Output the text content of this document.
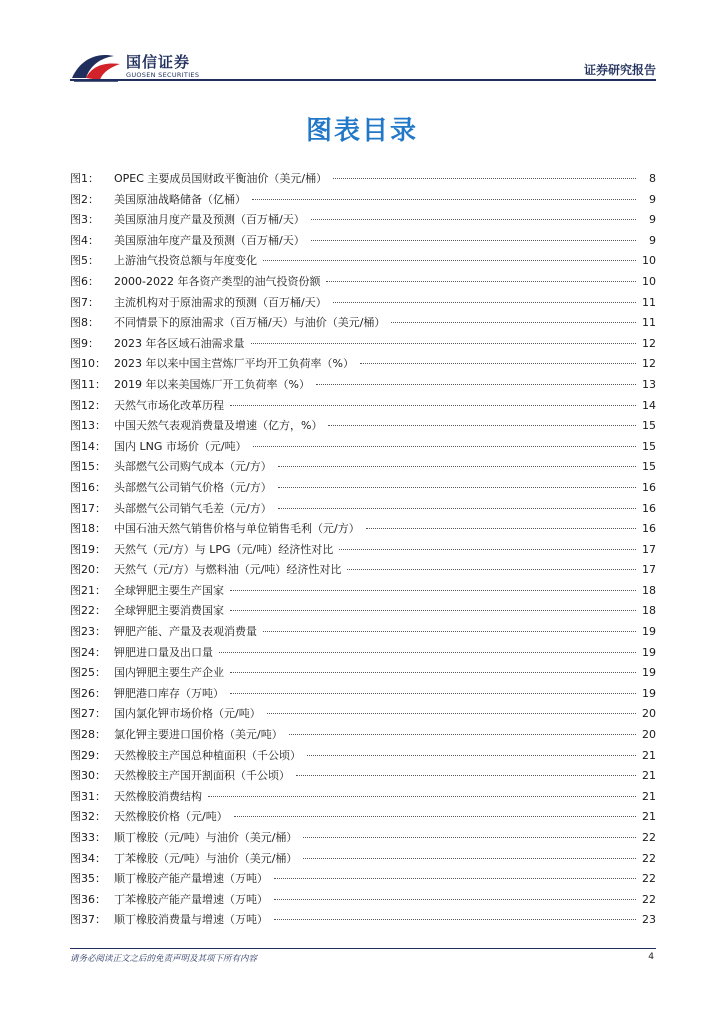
国信证券
GUOSEN SECURITIES	证券研究报告
图表目录
图1：	OPEC 主要成员国财政平衡油价（美元/桶）	8
图2：	美国原油战略储备（亿桶）	9
图3：	美国原油月度产量及预测（百万桶/天）	9
图4：	美国原油年度产量及预测（百万桶/天）	9
图5：	上游油气投资总额与年度变化	10
图6：	2000-2022 年各资产类型的油气投资份额	10
图7：	主流机构对于原油需求的预测（百万桶/天）	11
图8：	不同情景下的原油需求（百万桶/天）与油价（美元/桶）	11
图9：	2023 年各区域石油需求量	12
图10： 2023 年以来中国主营炼厂平均开工负荷率（%）	12
图11： 2019 年以来美国炼厂开工负荷率（%）	13
图12： 天然气市场化改革历程	14
图13： 中国天然气表观消费量及增速（亿方，%）	15
图14： 国内 LNG 市场价（元/吨）	15
图15： 头部燃气公司购气成本（元/方）	15
图16： 头部燃气公司销气价格（元/方）	16
图17： 头部燃气公司销气毛差（元/方）	16
图18： 中国石油天然气销售价格与单位销售毛利（元/方）	16
图19： 天然气（元/方）与 LPG（元/吨）经济性对比	17
图20： 天然气（元/方）与燃料油（元/吨）经济性对比	17
图21： 全球钾肥主要生产国家	18
图22： 全球钾肥主要消费国家	18
图23： 钾肥产能、产量及表观消费量	19
图24： 钾肥进口量及出口量	19
图25： 国内钾肥主要生产企业	19
图26： 钾肥港口库存（万吨）	19
图27： 国内氯化钾市场价格（元/吨）	20
图28： 氯化钾主要进口国价格（美元/吨）	20
图29： 天然橡胶主产国总种植面积（千公顷）	21
图30： 天然橡胶主产国开割面积（千公顷）	21
图31： 天然橡胶消费结构	21
图32： 天然橡胶价格（元/吨）	21
图33： 顺丁橡胶（元/吨）与油价（美元/桶）	22
图34： 丁苯橡胶（元/吨）与油价（美元/桶）	22
图35： 顺丁橡胶产能产量增速（万吨）	22
图36： 丁苯橡胶产能产量增速（万吨）	22
图37： 顺丁橡胶消费量与增速（万吨）	23
请务必阅读正文之后的免责声明及其项下所有内容	4
